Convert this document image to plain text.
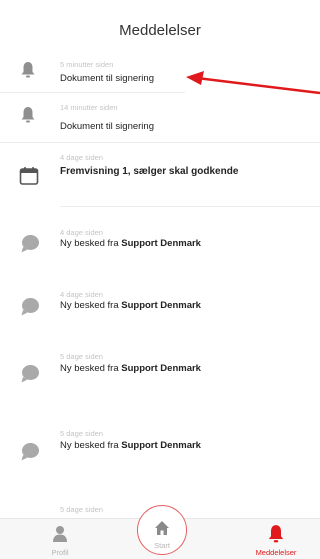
Meddelelser
5 minutter siden
Dokument til signering
14 minutter siden
Dokument til signering
4 dage siden
Fremvisning 1, sælger skal godkende
4 dage siden
Ny besked fra Support Denmark
4 dage siden
Ny besked fra Support Denmark
5 dage siden
Ny besked fra Support Denmark
5 dage siden
Ny besked fra Support Denmark
5 dage siden
Profil	Meddelelser
Start
